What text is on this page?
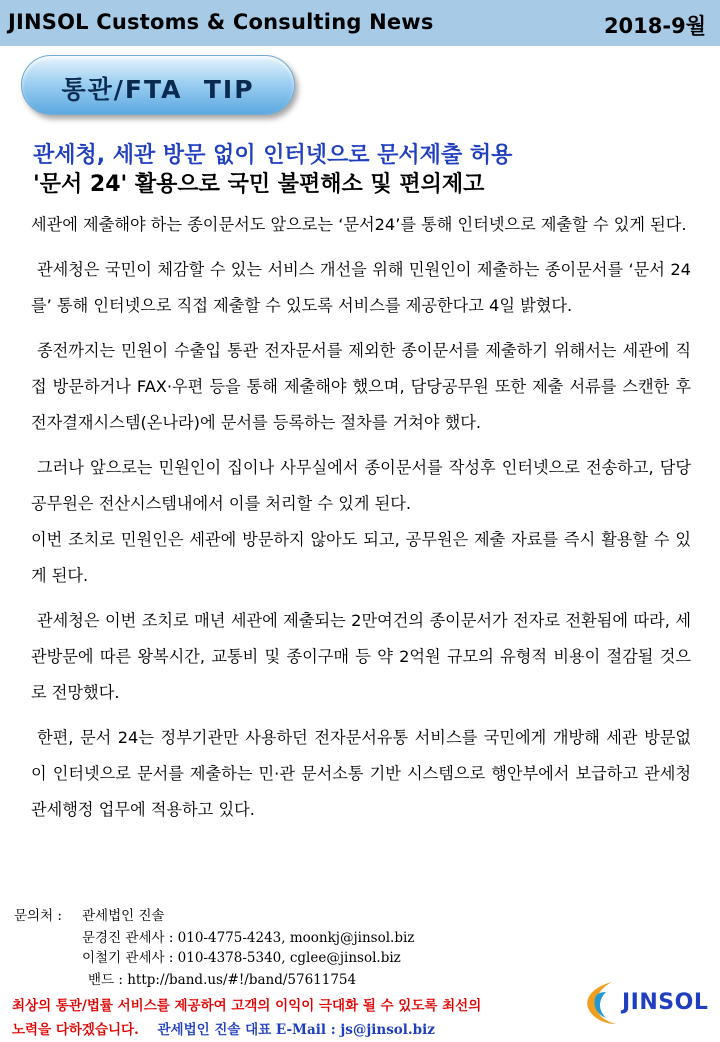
JINSOL Customs & Consulting News	2018-9월
통관/FTA  TIP
관세청, 세관 방문 없이 인터넷으로 문서제출 허용
'문서 24' 활용으로 국민 불편해소 및 편의제고

세관에 제출해야 하는 종이문서도 앞으로는 ‘문서24’를 통해 인터넷으로 제출할 수 있게 된다.

관세청은 국민이 체감할 수 있는 서비스 개선을 위해 민원인이 제출하는 종이문서를 ‘문서 24를’ 통해 인터넷으로 직접 제출할 수 있도록 서비스를 제공한다고 4일 밝혔다.

종전까지는 민원이 수출입 통관 전자문서를 제외한 종이문서를 제출하기 위해서는 세관에 직접 방문하거나 FAX·우편 등을 통해 제출해야 했으며, 담당공무원 또한 제출 서류를 스캔한 후 전자결재시스템(온나라)에 문서를 등록하는 절차를 거쳐야 했다.

그러나 앞으로는 민원인이 집이나 사무실에서 종이문서를 작성후 인터넷으로 전송하고, 담당 공무원은 전산시스템내에서 이를 처리할 수 있게 된다.

이번 조치로 민원인은 세관에 방문하지 않아도 되고, 공무원은 제출 자료를 즉시 활용할 수 있게 된다.

관세청은 이번 조치로 매년 세관에 제출되는 2만여건의 종이문서가 전자로 전환됨에 따라, 세관방문에 따른 왕복시간, 교통비 및 종이구매 등 약 2억원 규모의 유형적 비용이 절감될 것으로 전망했다.

한편, 문서 24는 정부기관만 사용하던 전자문서유통 서비스를 국민에게 개방해 세관 방문없이 인터넷으로 문서를 제출하는 민·관 문서소통 기반 시스템으로 행안부에서 보급하고 관세청 관세행정 업무에 적용하고 있다.

문의처 : 관세법인 진솔
문경진 관세사 : 010-4775-4243, moonkj@jinsol.biz
이철기 관세사 : 010-4378-5340, cglee@jinsol.biz
밴드 : http://band.us/#!/band/57611754
최상의 통관/법률 서비스를 제공하여 고객의 이익이 극대화 될 수 있도록 최선의
노력을 다하겠습니다. 관세법인 진솔 대표 E-Mail : js@jinsol.biz
JINSOL
